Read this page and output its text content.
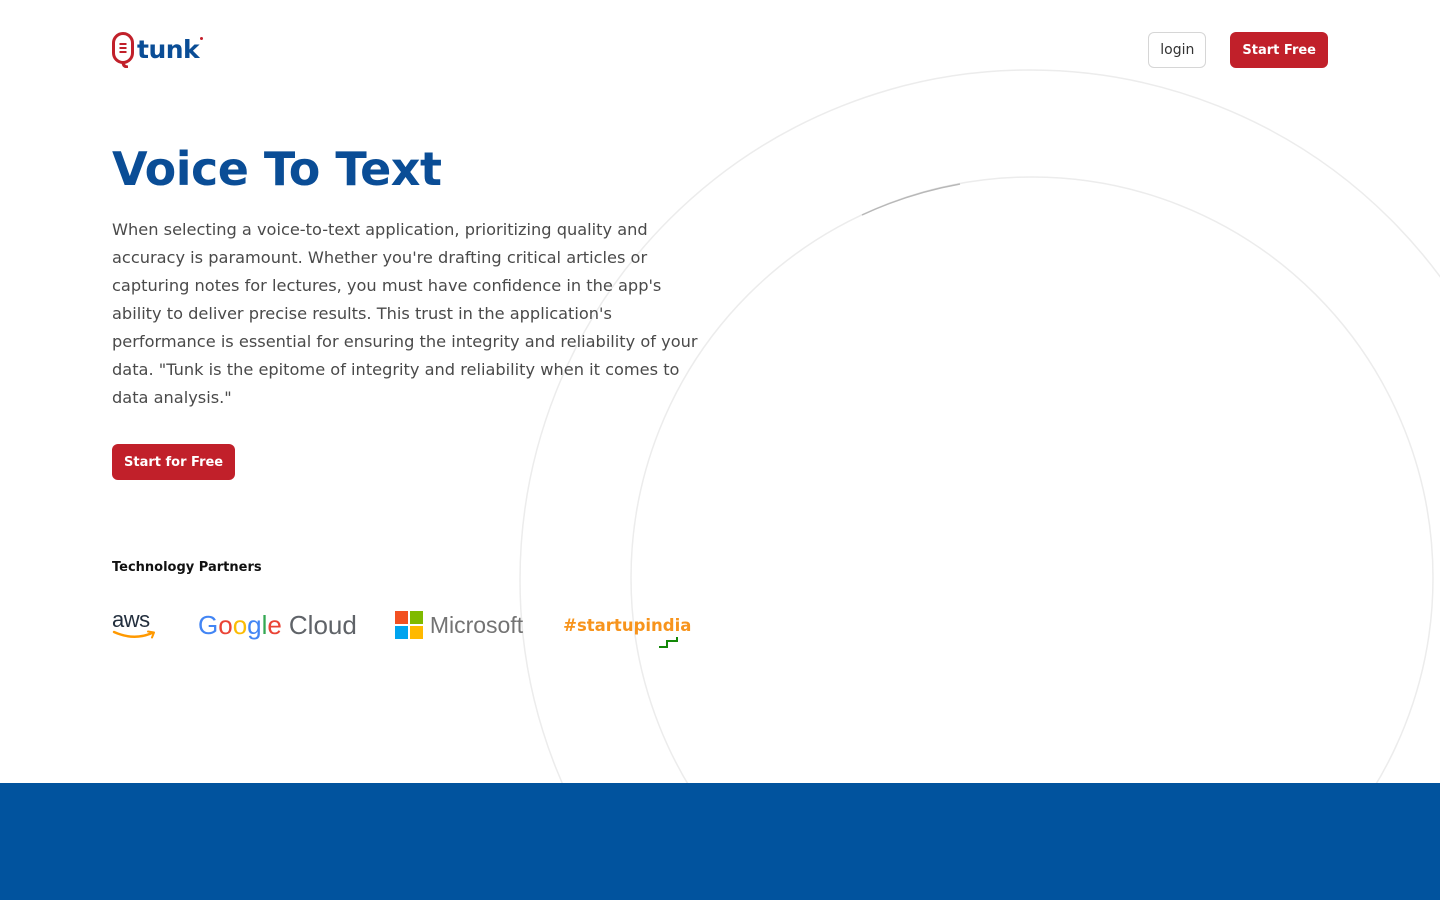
tunk	login	Start Free
Voice To Text

When selecting a voice-to-text application, prioritizing quality and accuracy is paramount. Whether you're drafting critical articles or capturing notes for lectures, you must have confidence in the app's ability to deliver precise results. This trust in the application's performance is essential for ensuring the integrity and reliability of your data. "Tunk is the epitome of integrity and reliability when it comes to data analysis."

Start for Free
Technology Partners
aws Google Cloud	Microsoft #startupindia
